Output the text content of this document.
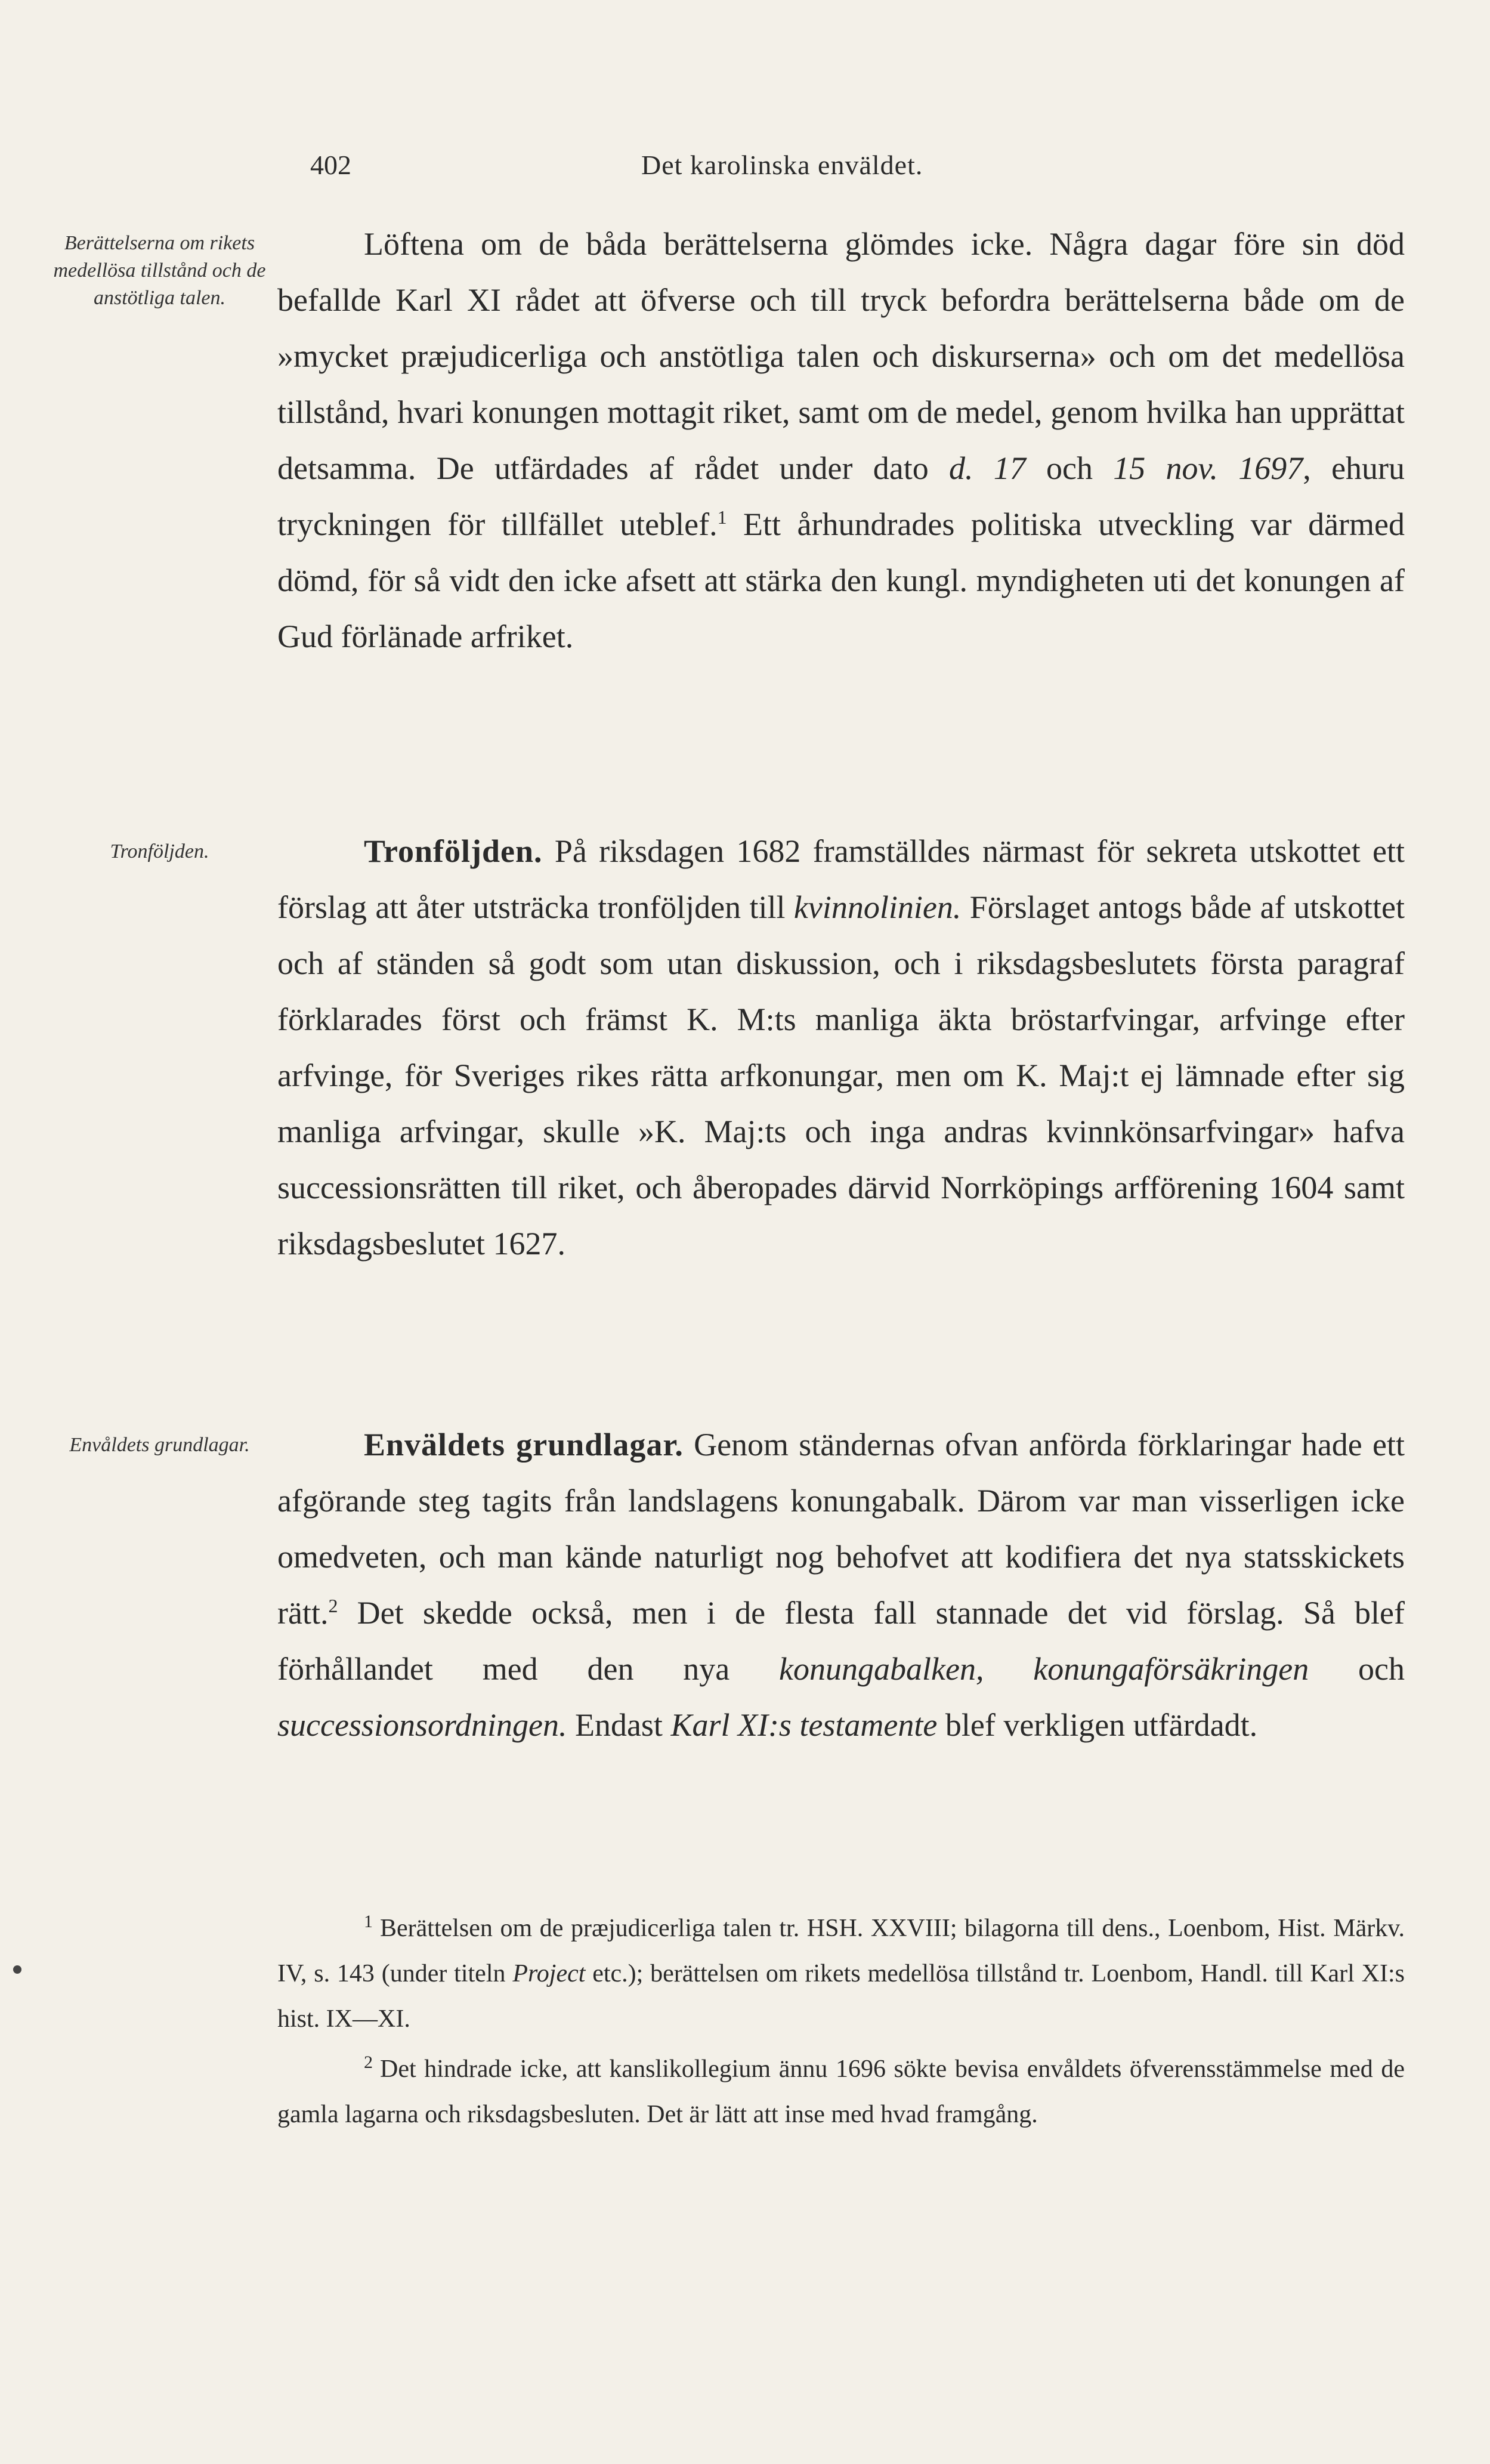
402	Det karolinska enväldet.
Berättelserna om rikets medellösa tillstånd och de anstötliga talen.
Tronföljden.
Envåldets grundlagar.

Löftena om de båda berättelserna glömdes icke. Några dagar före sin död befallde Karl XI rådet att öfverse och till tryck befordra berättelserna både om de »mycket præjudicerliga och anstötliga talen och diskurserna» och om det medellösa tillstånd, hvari konungen mottagit riket, samt om de medel, genom hvilka han upprättat detsamma. De utfärdades af rådet under dato d. 17 och 15 nov. 1697, ehuru tryckningen för tillfället uteblef.$^1$ Ett århundrades politiska utveckling var därmed dömd, för så vidt den icke afsett att stärka den kungl. myndigheten uti det konungen af Gud förlänade arfriket.

Tronföljden. På riksdagen 1682 framställdes närmast för sekreta utskottet ett förslag att åter utsträcka tronföljden till kvinnolinien. Förslaget antogs både af utskottet och af ständen så godt som utan diskussion, och i riksdagsbeslutets första paragraf förklarades först och främst K. M:ts manliga äkta bröstarfvingar, arfvinge efter arfvinge, för Sveriges rikes rätta arfkonungar, men om K. Maj:t ej lämnade efter sig manliga arfvingar, skulle »K. Maj:ts och inga andras kvinnkönsarfvingar» hafva successionsrätten till riket, och åberopades därvid Norrköpings arfförening 1604 samt riksdagsbeslutet 1627.

Enväldets grundlagar. Genom ständernas ofvan anförda förklaringar hade ett afgörande steg tagits från landslagens konungabalk. Därom var man visserligen icke omedveten, och man kände naturligt nog behofvet att kodifiera det nya statsskickets rätt.$^2$ Det skedde också, men i de flesta fall stannade det vid förslag. Så blef förhållandet med den nya konungabalken, konungaförsäkringen och successionsordningen. Endast Karl XI:s testamente blef verkligen utfärdadt.

$^1$ Berättelsen om de præjudicerliga talen tr. HSH. XXVIII; bilagorna till dens., Loenbom, Hist. Märkv. IV, s. 143 (under titeln Project etc.); berättelsen om rikets medellösa tillstånd tr. Loenbom, Handl. till Karl XI:s hist. IX—XI.

$^2$ Det hindrade icke, att kanslikollegium ännu 1696 sökte bevisa envåldets öfverensstämmelse med de gamla lagarna och riksdagsbesluten. Det är lätt att inse med hvad framgång.
